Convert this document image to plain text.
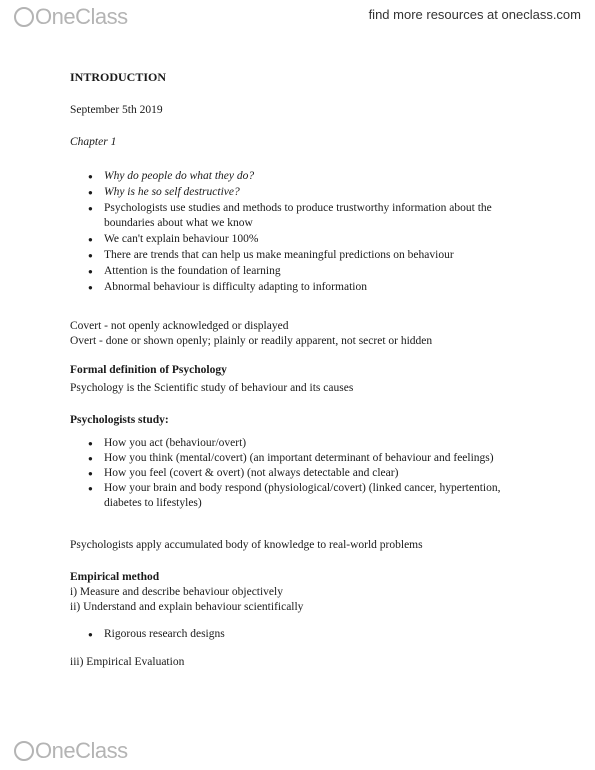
OneClass	find more resources at oneclass.com

INTRODUCTION

September 5th 2019

Chapter 1

● Why do people do what they do?
● Why is he so self destructive?
● Psychologists use studies and methods to produce trustworthy information about the boundaries about what we know
● We can't explain behaviour 100%
● There are trends that can help us make meaningful predictions on behaviour
● Attention is the foundation of learning
● Abnormal behaviour is difficulty adapting to information

Covert - not openly acknowledged or displayed

Overt - done or shown openly; plainly or readily apparent, not secret or hidden

Formal definition of Psychology

Psychology is the Scientific study of behaviour and its causes

Psychologists study:

● How you act (behaviour/overt)
● How you think (mental/covert) (an important determinant of behaviour and feelings)
● How you feel (covert & overt) (not always detectable and clear)
● How your brain and body respond (physiological/covert) (linked cancer, hypertention, diabetes to lifestyles)

Psychologists apply accumulated body of knowledge to real-world problems

Empirical method

i) Measure and describe behaviour objectively

ii) Understand and explain behaviour scientifically

● Rigorous research designs

iii) Empirical Evaluation

OneClass
